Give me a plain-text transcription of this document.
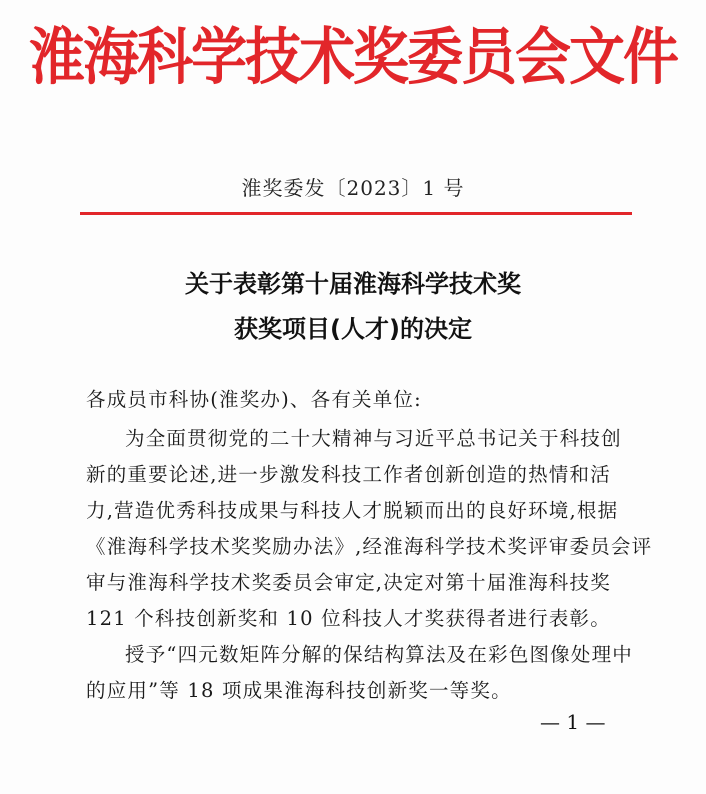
淮海科学技术奖委员会文件
淮奖委发〔2023〕1 号
关于表彰第十届淮海科学技术奖
获奖项目(人才)的决定
各成员市科协(淮奖办)、各有关单位:
为全面贯彻党的二十大精神与习近平总书记关于科技创
新的重要论述,进一步激发科技工作者创新创造的热情和活
力,营造优秀科技成果与科技人才脱颖而出的良好环境,根据
《淮海科学技术奖奖励办法》,经淮海科学技术奖评审委员会评
审与淮海科学技术奖委员会审定,决定对第十届淮海科技奖
121 个科技创新奖和 10 位科技人才奖获得者进行表彰。
授予“四元数矩阵分解的保结构算法及在彩色图像处理中
的应用”等 18 项成果淮海科技创新奖一等奖。
— 1 —
